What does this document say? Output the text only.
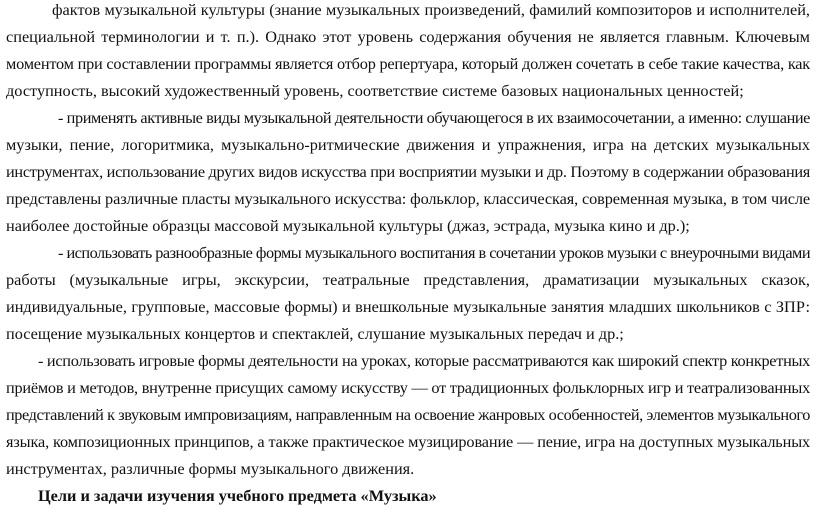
фактов музыкальной культуры (знание музыкальных произведений, фамилий композиторов и исполнителей,
специальной терминологии и т. п.). Однако этот уровень содержания обучения не является главным. Ключевым
моментом при составлении программы является отбор репертуара, который должен сочетать в себе такие качества, как
доступность, высокий художественный уровень, соответствие системе базовых национальных ценностей;
- применять активные виды музыкальной деятельности обучающегося в их взаимосочетании, а именно: слушание
музыки, пение, логоритмика, музыкально-ритмические движения и упражнения, игра на детских музыкальных
инструментах, использование других видов искусства при восприятии музыки и др. Поэтому в содержании образования
представлены различные пласты музыкального искусства: фольклор, классическая, современная музыка, в том числе
наиболее достойные образцы массовой музыкальной культуры (джаз, эстрада, музыка кино и др.);
- использовать разнообразные формы музыкального воспитания в сочетании уроков музыки с внеурочными видами
работы (музыкальные игры, экскурсии, театральные представления, драматизации музыкальных сказок,
индивидуальные, групповые, массовые формы) и внешкольные музыкальные занятия младших школьников с ЗПР:
посещение музыкальных концертов и спектаклей, слушание музыкальных передач и др.;
- использовать игровые формы деятельности на уроках, которые рассматриваются как широкий спектр конкретных
приёмов и методов, внутренне присущих самому искусству — от традиционных фольклорных игр и театрализованных
представлений к звуковым импровизациям, направленным на освоение жанровых особенностей, элементов музыкального
языка, композиционных принципов, а также практическое музицирование — пение, игра на доступных музыкальных
инструментах, различные формы музыкального движения.
Цели и задачи изучения учебного предмета «Музыка»
